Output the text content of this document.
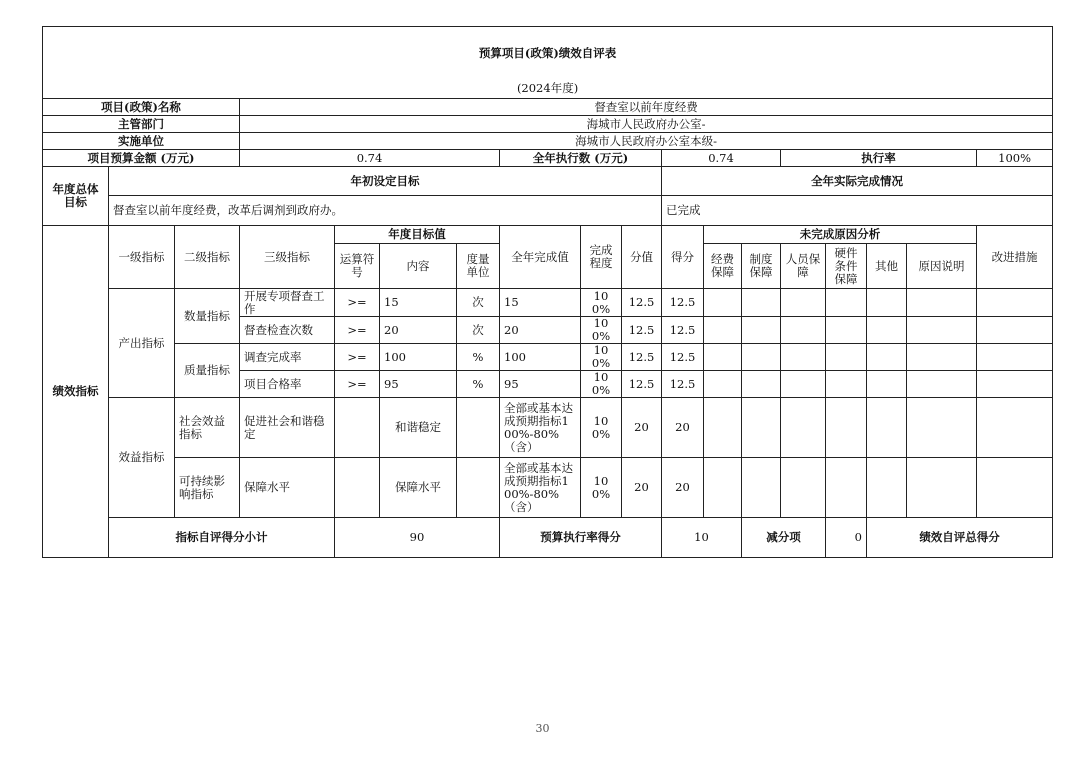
预算项目(政策)绩效自评表																		
(2024年度)																		
项目(政策)名称			督查室以前年度经费															
主管部门			海城市人民政府办公室-															
实施单位			海城市人民政府办公室本级-															
项目预算金额 (万元)			0.74				全年执行数 (万元)			0.74			执行率				100%	
年度总体目标	年初设定目标									全年实际完成情况								
	督查室以前年度经费，改革后调剂到政府办。									已完成								
绩效指标	一级指标	二级指标	三级指标	年度目标值			全年完成值	完成程度	分值	得分	未完成原因分析						改进措施	
				运算符号	内容	度量单位					经费保障	制度保障	人员保障	硬件条件保障	其他	原因说明		
	产出指标	数量指标	开展专项督查工作	>=	15	次	15	100%	12.5	12.5								
			督查检查次数	>=	20	次	20	100%	12.5	12.5								
		质量指标	调查完成率	>=	100	%	100	100%	12.5	12.5								
			项目合格率	>=	95	%	95	100%	12.5	12.5								
	效益指标	社会效益指标	促进社会和谐稳定		和谐稳定		全部或基本达成预期指标100%-80%（含）	100%	20	20								
		可持续影响指标	保障水平		保障水平		全部或基本达成预期指标100%-80%（含）	100%	20	20								
	指标自评得分小计			90			预算执行率得分			10		减分项		0	绩效自评总得分	
30
